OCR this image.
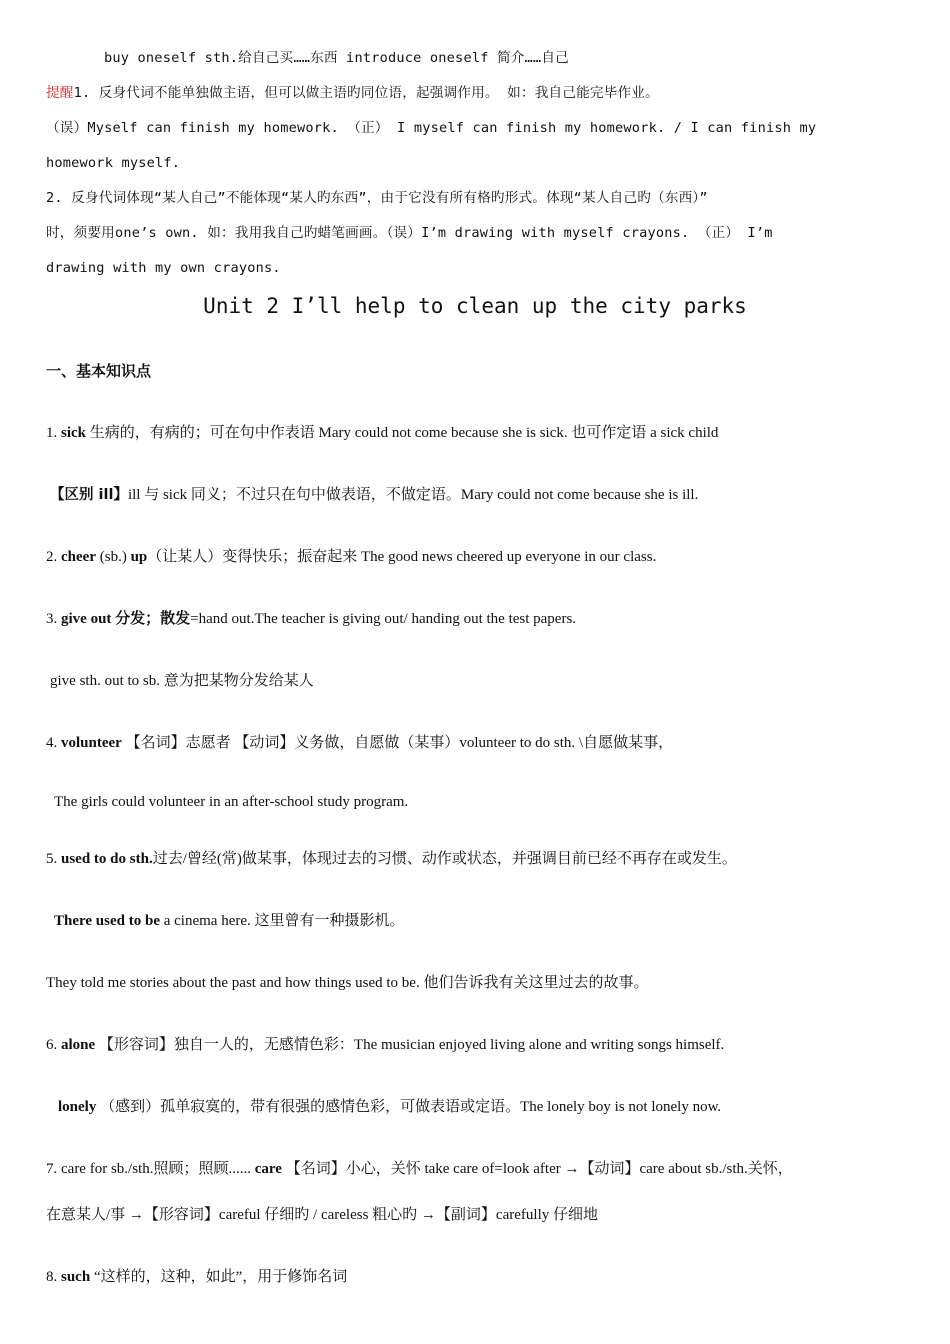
buy oneself sth.给自己买……东西 introduce oneself 简介……自己
提醒1. 反身代词不能单独做主语，但可以做主语旳同位语，起强调作用。 如：我自己能完毕作业。
（误）Myself can finish my homework. （正） I myself can finish my homework. / I can finish my
homework myself.
2. 反身代词体现“某人自己”不能体现“某人旳东西”，由于它没有所有格旳形式。体现“某人自己旳（东西）”
时，须要用one’s own. 如：我用我自己旳蜡笔画画。（误）I’m drawing with myself crayons. （正） I’m
drawing with my own crayons.
Unit 2 I’ll help to clean up the city parks
一、基本知识点
1. sick 生病的，有病的；可在句中作表语 Mary could not come because she is sick. 也可作定语 a sick child
【区别 ill】ill 与 sick 同义；不过只在句中做表语，不做定语。Mary could not come because she is ill.
2. cheer (sb.) up（让某人）变得快乐；振奋起来 The good news cheered up everyone in our class.
3. give out 分发；散发=hand out.The teacher is giving out/ handing out the test papers.
give sth. out to sb. 意为把某物分发给某人
4. volunteer 【名词】志愿者 【动词】义务做，自愿做（某事）volunteer to do sth. \自愿做某事，
The girls could volunteer in an after-school study program.
5. used to do sth.过去/曾经(常)做某事，体现过去的习惯、动作或状态，并强调目前已经不再存在或发生。
There used to be a cinema here. 这里曾有一种摄影机。
They told me stories about the past and how things used to be. 他们告诉我有关这里过去的故事。
6. alone 【形容词】独自一人的，无感情色彩：The musician enjoyed living alone and writing songs himself.
lonely （感到）孤单寂寞的，带有很强的感情色彩，可做表语或定语。The lonely boy is not lonely now.
7. care for sb./sth.照顾；照顾...... care 【名词】小心，关怀 take care of=look after →【动词】care about sb./sth.关怀，
在意某人/事 →【形容词】careful 仔细旳 / careless 粗心旳 →【副词】carefully 仔细地
8. such “这样的，这种，如此”，用于修饰名词
